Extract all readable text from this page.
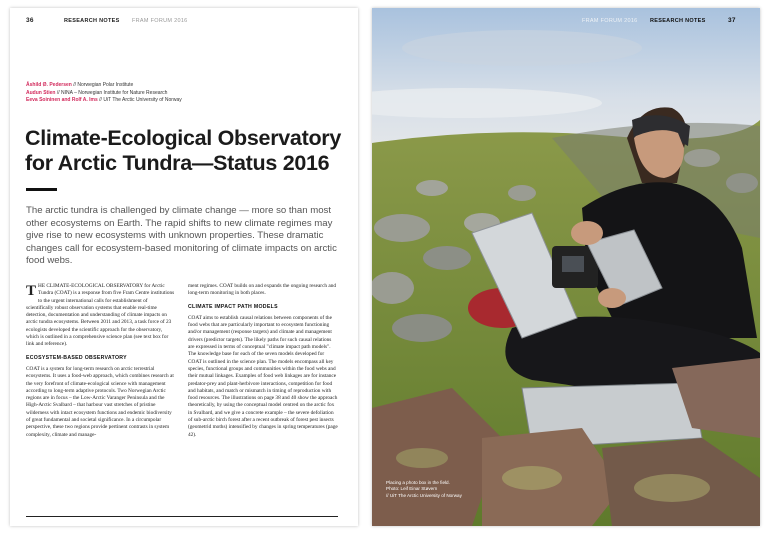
36	RESEARCH NOTES FRAM FORUM 2016
Åshild Ø. Pedersen // Norwegian Polar Institute
Audun Stien // NINA – Norwegian Institute for Nature Research
Eeva Soininen and Rolf A. Ims // UiT The Arctic University of Norway
Climate-Ecological Observatory for Arctic Tundra—Status 2016
The arctic tundra is challenged by climate change — more so than most other ecosystems on Earth. The rapid shifts to new climate regimes may give rise to new ecosystems with unknown properties. These dramatic changes call for ecosystem-based monitoring of climate impacts on arctic food webs.

THE CLIMATE-ECOLOGICAL OBSERVATORY for Arctic Tundra (COAT) is a response from five Fram Centre institutions to the urgent international calls for establishment of scientifically robust observation systems that enable real-time detection, documentation and understanding of climate impacts on arctic tundra ecosystems. Between 2011 and 2013, a task force of 23 ecologists developed the scientific approach for the observatory, which is outlined in a comprehensive science plan (see text box for link and reference).

ECOSYSTEM-BASED OBSERVATORY

COAT is a system for long-term research on arctic terrestrial ecosystems. It uses a food-web approach, which combines research at the very forefront of climate-ecological science with management according to long-term adaptive protocols. Two Norwegian Arctic regions are in focus – the Low-Arctic Varanger Peninsula and the High-Arctic Svalbard – that harbour vast stretches of pristine wilderness with intact ecosystem functions and endemic biodiversity of great fundamental and societal significance. In a circumpolar perspective, these two regions provide pertinent contrasts in system complexity, climate and manage-

ment regimes. COAT builds on and expands the ongoing research and long-term monitoring in both places.

CLIMATE IMPACT PATH MODELS

COAT aims to establish causal relations between components of the food webs that are particularly important to ecosystem functioning and/or management (response targets) and climate and management drivers (predictor targets). The likely paths for such causal relations are expressed in terms of conceptual "climate impact path models". The knowledge base for each of the seven models developed for COAT is outlined in the science plan. The models encompass all key species, functional groups and communities within the food webs and their mutual linkages. Examples of food web linkages are for instance predator-prey and plant-herbivore interactions, competition for food and habitats, and match or mismatch in timing of reproduction with food resources. The illustrations on page 38 and 40 show the approach theoretically, by using the conceptual model centred on the arctic fox in Svalbard, and we give a concrete example – the severe defoliation of sub-arctic birch forest after a recent outbreak of forest pest insects (geometrid moths) intensified by changes in spring temperatures (page 42).

FRAM FORUM 2016 RESEARCH NOTES	37
Placing a photo box in the field.
Photo: Leif Einar Støvern
// UiT The Arctic University of Norway
